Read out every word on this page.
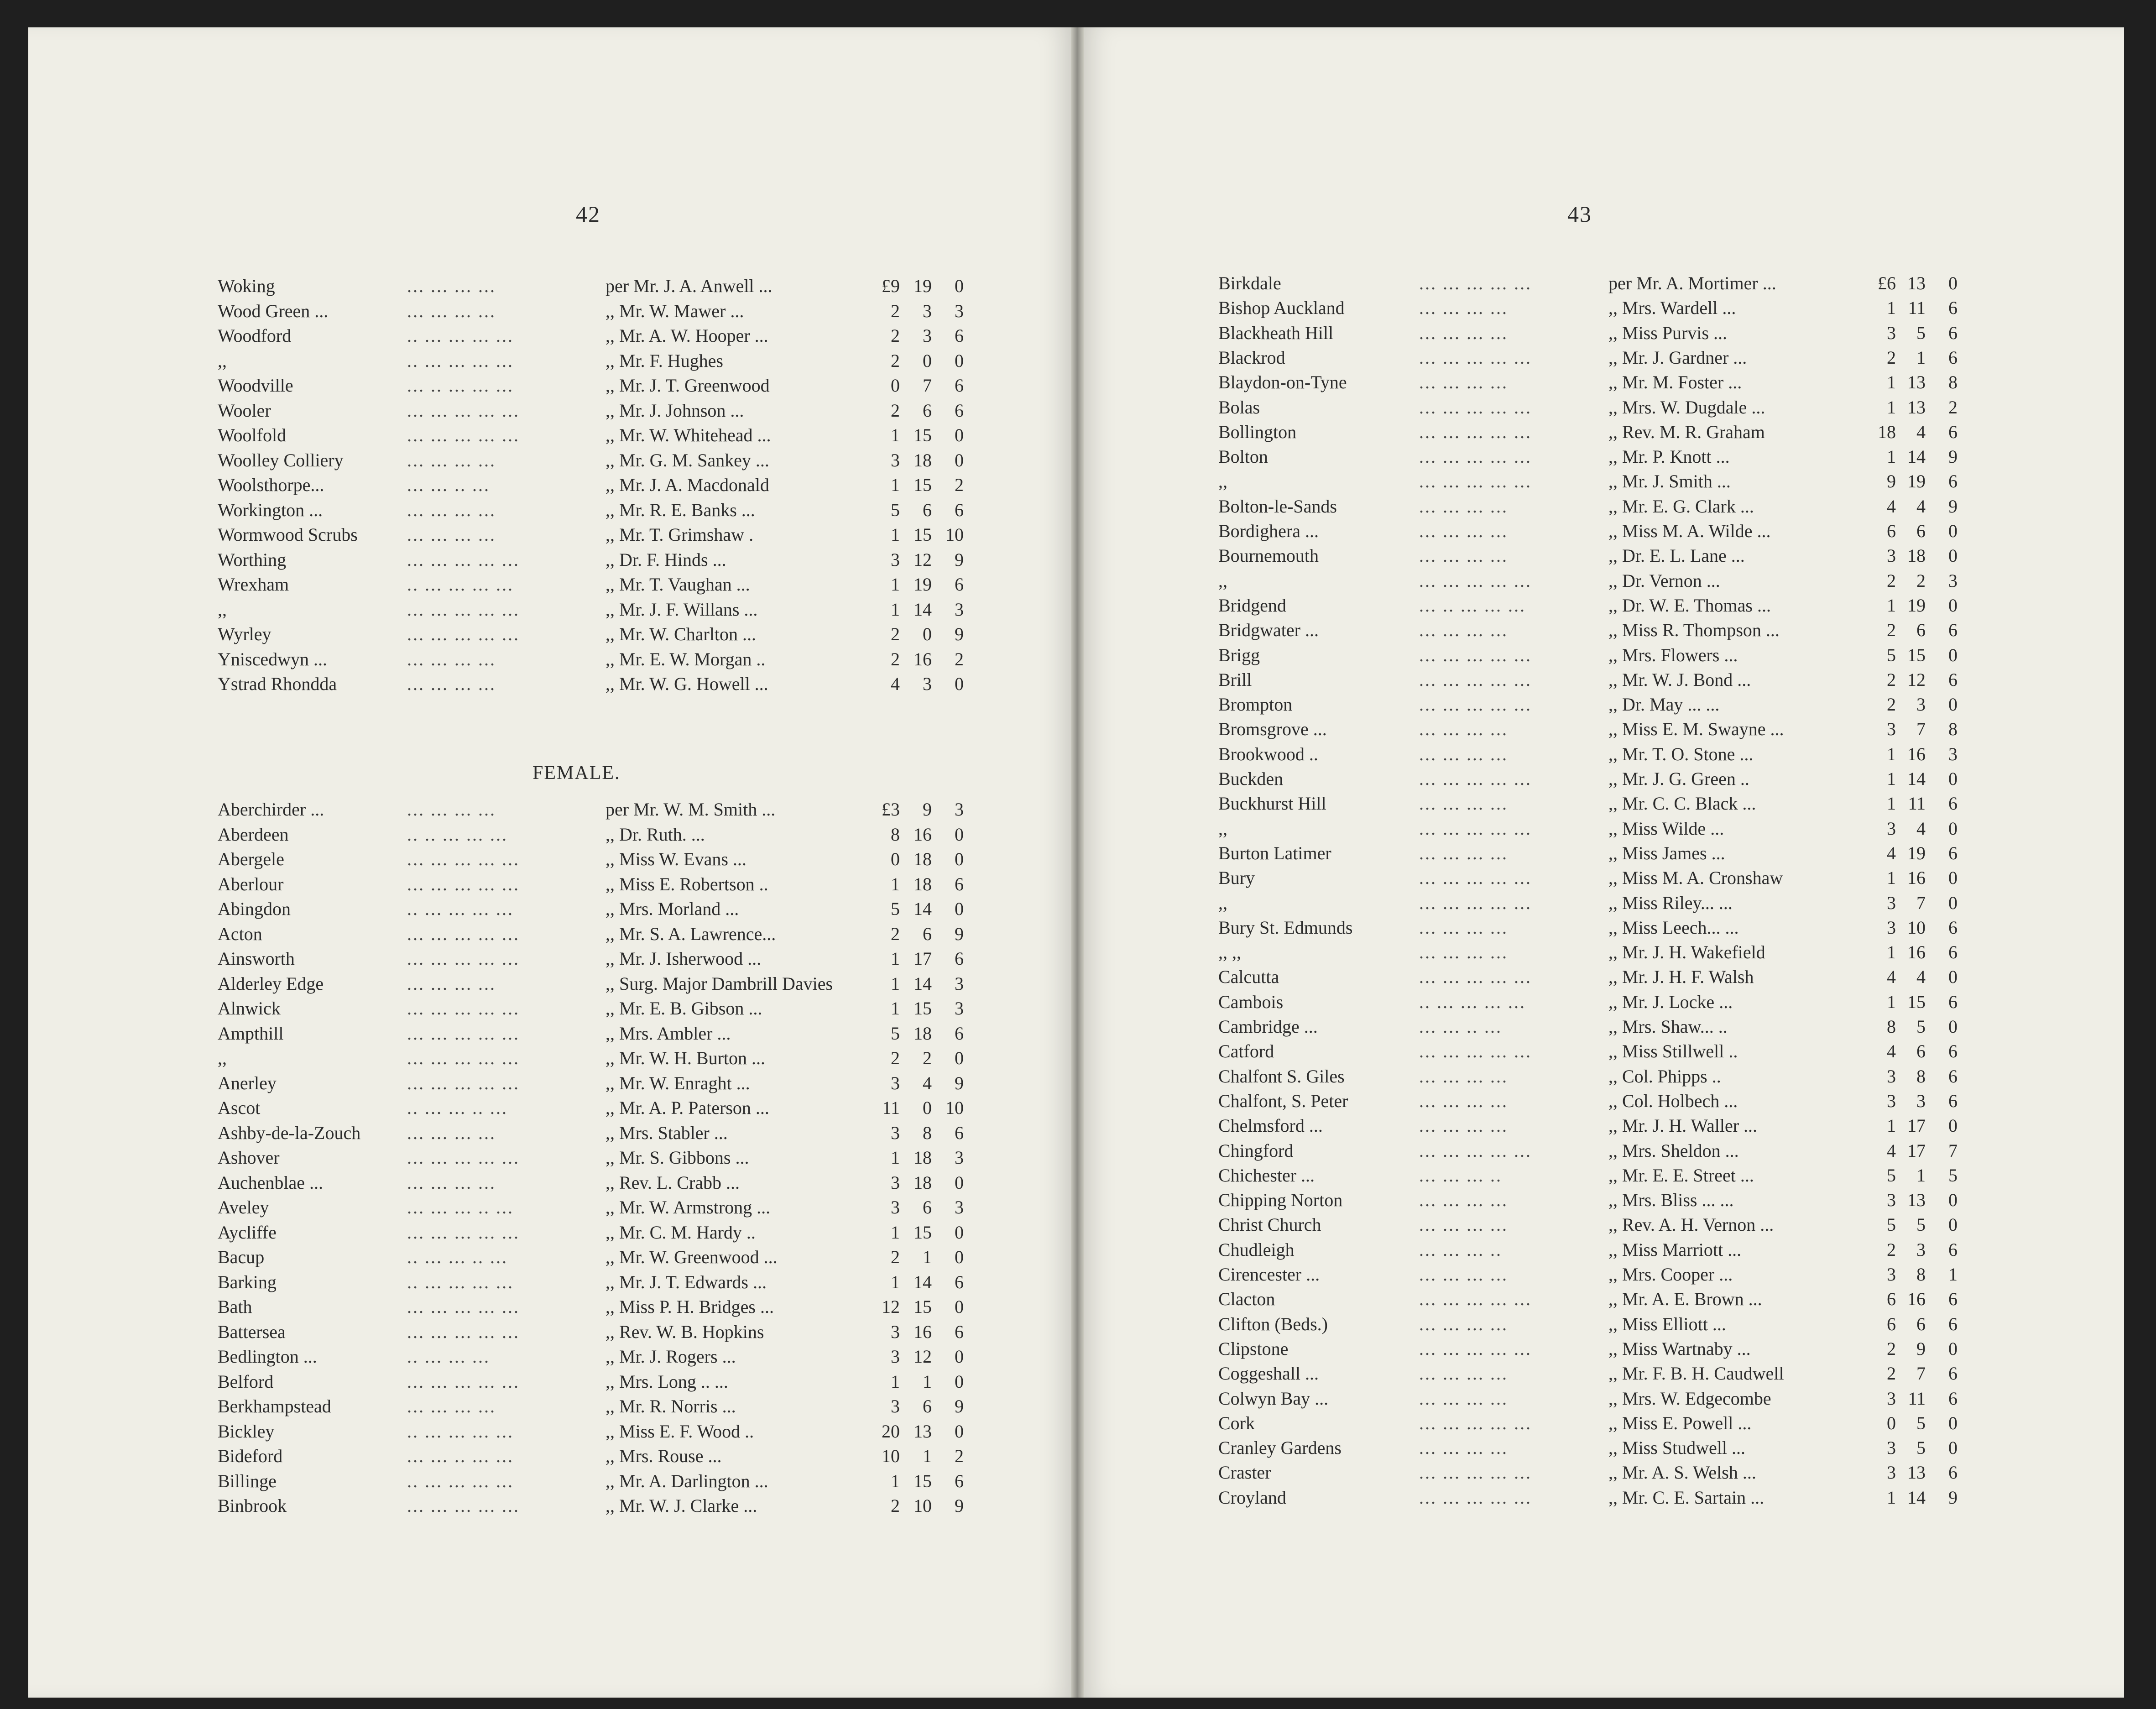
42
Woking	... ... ... ...	per Mr. J. A. Anwell ...	£9 19	0
Wood Green ...	... ... ... ...	,, Mr. W. Mawer ...	2	3	3
Woodford	.. ... ... ... ...	,, Mr. A. W. Hooper ...	2	3	6
,,	.. ... ... ... ...	,, Mr. F. Hughes	2	0	0
Woodville	... .. ... ... ...	,, Mr. J. T. Greenwood	0	7	6
Wooler	... ... ... ... ...	,, Mr. J. Johnson ...	2	6	6
Woolfold	... ... ... ... ...	,, Mr. W. Whitehead ...	1 15	0
Woolley Colliery	... ... ... ...	,, Mr. G. M. Sankey ...	3 18	0
Woolsthorpe...	... ... .. ...	,, Mr. J. A. Macdonald	1 15	2
Workington ...	... ... ... ...	,, Mr. R. E. Banks ...	5	6	6
Wormwood Scrubs	... ... ... ...	,, Mr. T. Grimshaw .	1 15 10
Worthing	... ... ... ... ...	,, Dr. F. Hinds ...	3 12	9
Wrexham	.. ... ... ... ...	,, Mr. T. Vaughan ...	1 19	6
,,	... ... ... ... ...	,, Mr. J. F. Willans ...	1 14	3
Wyrley	... ... ... ... ...	,, Mr. W. Charlton ...	2	0	9
Yniscedwyn ...	... ... ... ...	,, Mr. E. W. Morgan ..	2 16	2
Ystrad Rhondda	... ... ... ...	,, Mr. W. G. Howell ...	4	3	0
FEMALE.
Aberchirder ...	... ... ... ...	per Mr. W. M. Smith ...	£3	9	3
Aberdeen	.. .. ... ... ...	,, Dr. Ruth. ...	8 16	0
Abergele	... ... ... ... ...	,, Miss W. Evans ...	0 18	0
Aberlour	... ... ... ... ...	,, Miss E. Robertson ..	1 18	6
Abingdon	.. ... ... ... ...	,, Mrs. Morland ...	5 14	0
Acton	... ... ... ... ...	,, Mr. S. A. Lawrence...	2	6	9
Ainsworth	... ... ... ... ...	,, Mr. J. Isherwood ...	1 17	6
Alderley Edge	... ... ... ...	,, Surg. Major Dambrill Davies	1 14	3
Alnwick	... ... ... ... ...	,, Mr. E. B. Gibson ...	1 15	3
Ampthill	... ... ... ... ...	,, Mrs. Ambler ...	5 18	6
,,	... ... ... ... ...	,, Mr. W. H. Burton ...	2	2	0
Anerley	... ... ... ... ...	,, Mr. W. Enraght ...	3	4	9
Ascot	.. ... ... .. ...	,, Mr. A. P. Paterson ...	11	0 10
Ashby-de-la-Zouch	... ... ... ...	,, Mrs. Stabler ...	3	8	6
Ashover	... ... ... ... ...	,, Mr. S. Gibbons ...	1 18	3
Auchenblae ...	... ... ... ...	,, Rev. L. Crabb ...	3 18	0
Aveley	... ... ... .. ...	,, Mr. W. Armstrong ...	3	6	3
Aycliffe	... ... ... ... ...	,, Mr. C. M. Hardy ..	1 15	0
Bacup	.. ... ... .. ...	,, Mr. W. Greenwood ...	2	1	0
Barking	.. ... ... ... ...	,, Mr. J. T. Edwards ...	1 14	6
Bath	... ... ... ... ...	,, Miss P. H. Bridges ...	12 15	0
Battersea	... ... ... ... ...	,, Rev. W. B. Hopkins	3 16	6
Bedlington ...	.. ... ... ...	,, Mr. J. Rogers ...	3 12	0
Belford	... ... ... ... ...	,, Mrs. Long .. ...	1	1	0
Berkhampstead	... ... ... ...	,, Mr. R. Norris ...	3	6	9
Bickley	.. ... ... ... ...	,, Miss E. F. Wood ..	20 13	0
Bideford	... ... .. ... ...	,, Mrs. Rouse ...	10	1	2
Billinge	.. ... ... ... ...	,, Mr. A. Darlington ...	1 15	6
Binbrook	... ... ... ... ...	,, Mr. W. J. Clarke ...	2 10	9
43
Birkdale	... ... ... ... ...	per Mr. A. Mortimer ...	£6 13	0
Bishop Auckland	... ... ... ...	,, Mrs. Wardell ...	1 11	6
Blackheath Hill	... ... ... ...	,, Miss Purvis ...	3	5	6
Blackrod	... ... ... ... ...	,, Mr. J. Gardner ...	2	1	6
Blaydon-on-Tyne	... ... ... ...	,, Mr. M. Foster ...	1 13	8
Bolas	... ... ... ... ...	,, Mrs. W. Dugdale ...	1 13	2
Bollington	... ... ... ... ...	,, Rev. M. R. Graham	18	4	6
Bolton	... ... ... ... ...	,, Mr. P. Knott ...	1 14	9
,,	... ... ... ... ...	,, Mr. J. Smith ...	9 19	6
Bolton-le-Sands	... ... ... ...	,, Mr. E. G. Clark ...	4	4	9
Bordighera ...	... ... ... ...	,, Miss M. A. Wilde ...	6	6	0
Bournemouth	... ... ... ...	,, Dr. E. L. Lane ...	3 18	0
,,	... ... ... ... ...	,, Dr. Vernon ...	2	2	3
Bridgend	... .. ... ... ...	,, Dr. W. E. Thomas ...	1 19	0
Bridgwater ...	... ... ... ...	,, Miss R. Thompson ...	2	6	6
Brigg	... ... ... ... ...	,, Mrs. Flowers ...	5 15	0
Brill	... ... ... ... ...	,, Mr. W. J. Bond ...	2 12	6
Brompton	... ... ... ... ...	,, Dr. May ... ...	2	3	0
Bromsgrove ...	... ... ... ...	,, Miss E. M. Swayne ...	3	7	8
Brookwood ..	... ... ... ...	,, Mr. T. O. Stone ...	1 16	3
Buckden	... ... ... ... ...	,, Mr. J. G. Green ..	1 14	0
Buckhurst Hill	... ... ... ...	,, Mr. C. C. Black ...	1 11	6
,,	... ... ... ... ...	,, Miss Wilde ...	3	4	0
Burton Latimer	... ... ... ...	,, Miss James ...	4 19	6
Bury	... ... ... ... ...	,, Miss M. A. Cronshaw	1 16	0
,,	... ... ... ... ...	,, Miss Riley... ...	3	7	0
Bury St. Edmunds	... ... ... ...	,, Miss Leech... ...	3 10	6
,, ,,	... ... ... ...	,, Mr. J. H. Wakefield	1 16	6
Calcutta	... ... ... ... ...	,, Mr. J. H. F. Walsh	4	4	0
Cambois	.. ... ... ... ...	,, Mr. J. Locke ...	1 15	6
Cambridge ...	... ... .. ...	,, Mrs. Shaw... ..	8	5	0
Catford	... ... ... ... ...	,, Miss Stillwell ..	4	6	6
Chalfont S. Giles	... ... ... ...	,, Col. Phipps ..	3	8	6
Chalfont, S. Peter	... ... ... ...	,, Col. Holbech ...	3	3	6
Chelmsford ...	... ... ... ...	,, Mr. J. H. Waller ...	1 17	0
Chingford	... ... ... ... ...	,, Mrs. Sheldon ...	4 17	7
Chichester ...	... ... ... ..	,, Mr. E. E. Street ...	5	1	5
Chipping Norton	... ... ... ...	,, Mrs. Bliss ... ...	3 13	0
Christ Church	... ... ... ...	,, Rev. A. H. Vernon ...	5	5	0
Chudleigh	... ... ... ..	,, Miss Marriott ...	2	3	6
Cirencester ...	... ... ... ...	,, Mrs. Cooper ...	3	8	1
Clacton	... ... ... ... ...	,, Mr. A. E. Brown ...	6 16	6
Clifton (Beds.)	... ... ... ...	,, Miss Elliott ...	6	6	6
Clipstone	... ... ... ... ...	,, Miss Wartnaby ...	2	9	0
Coggeshall ...	... ... ... ...	,, Mr. F. B. H. Caudwell	2	7	6
Colwyn Bay ...	... ... ... ...	,, Mrs. W. Edgecombe	3 11	6
Cork	... ... ... ... ...	,, Miss E. Powell ...	0	5	0
Cranley Gardens	... ... ... ...	,, Miss Studwell ...	3	5	0
Craster	... ... ... ... ...	,, Mr. A. S. Welsh ...	3 13	6
Croyland	... ... ... ... ...	,, Mr. C. E. Sartain ...	1 14	9
